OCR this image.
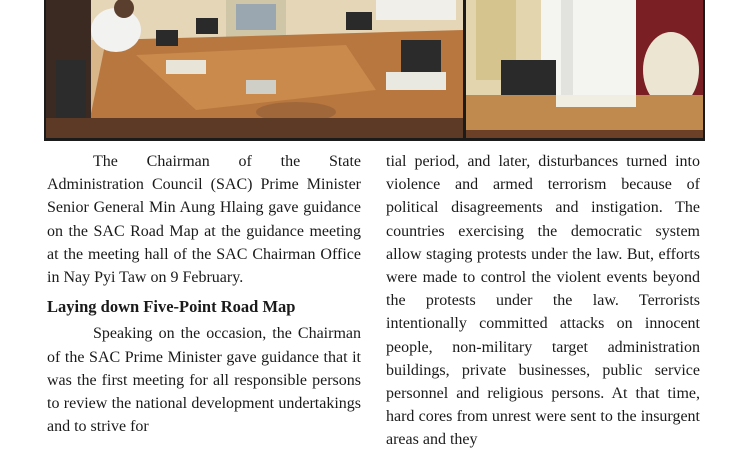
The Chairman of the State Administration Council (SAC) Prime Minister Senior General Min Aung Hlaing gave guidance on the SAC Road Map at the guidance meeting at the meeting hall of the SAC Chairman Office in Nay Pyi Taw on 9 February.

Laying down Five-Point Road Map

Speaking on the occasion, the Chairman of the SAC Prime Minister gave guidance that it was the first meeting for all responsible persons to review the national development undertakings and to strive for

tial period, and later, disturbances turned into violence and armed terrorism because of political disagreements and instigation. The countries exercising the democratic system allow staging protests under the law. But, efforts were made to control the violent events beyond the protests under the law. Terrorists intentionally committed attacks on innocent people, non-military target administration buildings, private businesses, public service personnel and religious persons. At that time, hard cores from unrest were sent to the insurgent areas and they
